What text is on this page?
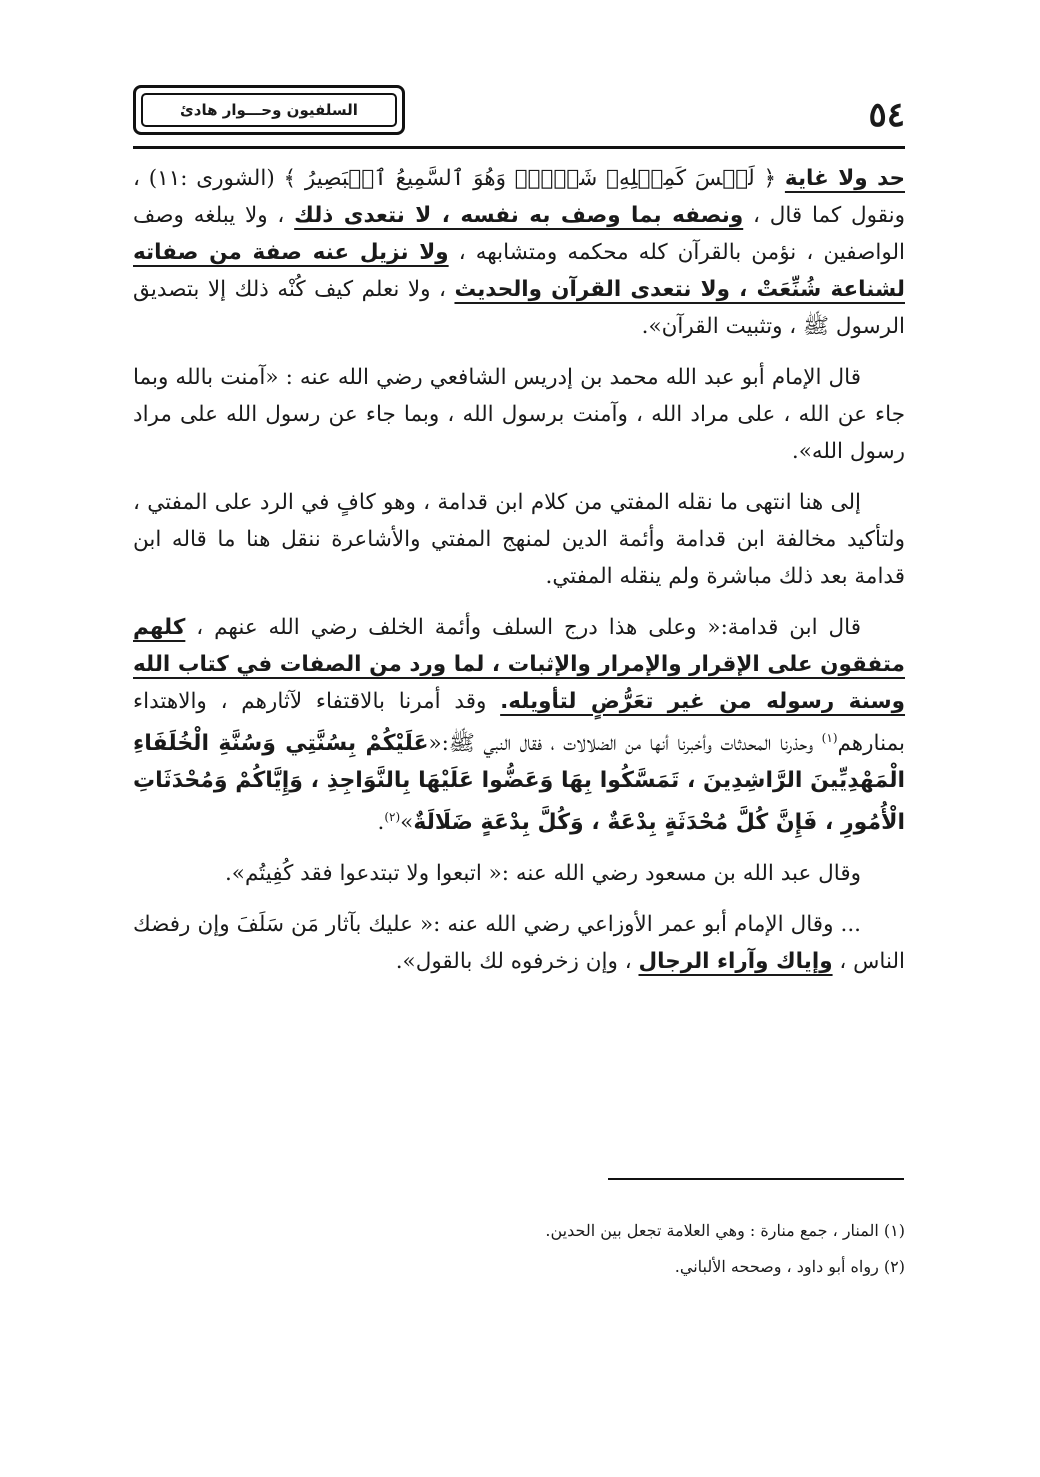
٥٤
السلفيون وحـــوار هادئ

حد ولا غاية ﴿ لَيۡسَ كَمِثۡلِهِۦ شَيۡءٞۖ وَهُوَ ٱلسَّمِيعُ ٱلۡبَصِيرُ ﴾ (الشورى :١١) ، ونقول كما قال ، ونصفه بما وصف به نفسه ، لا نتعدى ذلك ، ولا يبلغه وصف الواصفين ، نؤمن بالقرآن كله محكمه ومتشابهه ، ولا نزيل عنه صفة من صفاته لشناعة شُنِّعَتْ ، ولا نتعدى القرآن والحديث ، ولا نعلم كيف كُنْه ذلك إلا بتصديق الرسول ﷺ ، وتثبيت القرآن».

قال الإمام أبو عبد الله محمد بن إدريس الشافعي رضي الله عنه : «آمنت بالله وبما جاء عن الله ، على مراد الله ، وآمنت برسول الله ، وبما جاء عن رسول الله على مراد رسول الله».

إلى هنا انتهى ما نقله المفتي من كلام ابن قدامة ، وهو كافٍ في الرد على المفتي ، ولتأكيد مخالفة ابن قدامة وأئمة الدين لمنهج المفتي والأشاعرة ننقل هنا ما قاله ابن قدامة بعد ذلك مباشرة ولم ينقله المفتي.

قال ابن قدامة:« وعلى هذا درج السلف وأئمة الخلف رضي الله عنهم ، كلهم متفقون على الإقرار والإمرار والإثبات ، لما ورد من الصفات في كتاب الله وسنة رسوله من غير تعَرُّضٍ لتأويله. وقد أمرنا بالاقتفاء لآثارهم ، والاهتداء بمنارهم$^{(١)}$ وحذرنا المحدثات وأخبرنا أنها من الضلالات ، فقال النبي ﷺ:«عَلَيْكُمْ بِسُنَّتِي وَسُنَّةِ الْخُلَفَاءِ الْمَهْدِيِّينَ الرَّاشِدِينَ ، تَمَسَّكُوا بِهَا وَعَضُّوا عَلَيْهَا بِالنَّوَاجِذِ ، وَإِيَّاكُمْ وَمُحْدَثَاتِ الْأُمُورِ ، فَإِنَّ كُلَّ مُحْدَثَةٍ بِدْعَةٌ ، وَكُلَّ بِدْعَةٍ ضَلَالَةٌ»$^{(٢)}$.

وقال عبد الله بن مسعود رضي الله عنه :« اتبعوا ولا تبتدعوا فقد كُفِيتُم».

... وقال الإمام أبو عمر الأوزاعي رضي الله عنه :« عليك بآثار مَن سَلَفَ وإن رفضك الناس ، وإياك وآراء الرجال ، وإن زخرفوه لك بالقول».

(١) المنار ، جمع منارة : وهي العلامة تجعل بين الحدين.
(٢) رواه أبو داود ، وصححه الألباني.
